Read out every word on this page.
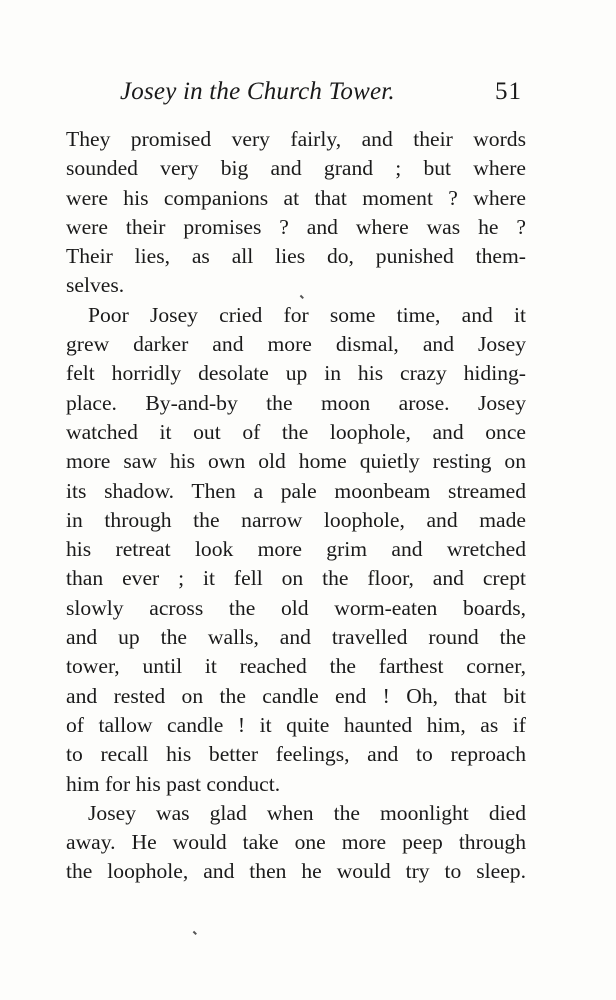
Josey in the Church Tower.	51
They promised very fairly, and their words
sounded very big and grand ; but where
were his companions at that moment ? where
were their promises ? and where was he ?
Their lies, as all lies do, punished them-
selves.
Poor Josey cried for some time, and it
grew darker and more dismal, and Josey
felt horridly desolate up in his crazy hiding-
place. By-and-by the moon arose. Josey
watched it out of the loophole, and once
more saw his own old home quietly resting on
its shadow. Then a pale moonbeam streamed
in through the narrow loophole, and made
his retreat look more grim and wretched
than ever ; it fell on the floor, and crept
slowly across the old worm-eaten boards,
and up the walls, and travelled round the
tower, until it reached the farthest corner,
and rested on the candle end ! Oh, that bit
of tallow candle ! it quite haunted him, as if
to recall his better feelings, and to reproach
him for his past conduct.
Josey was glad when the moonlight died
away. He would take one more peep through
the loophole, and then he would try to sleep.
